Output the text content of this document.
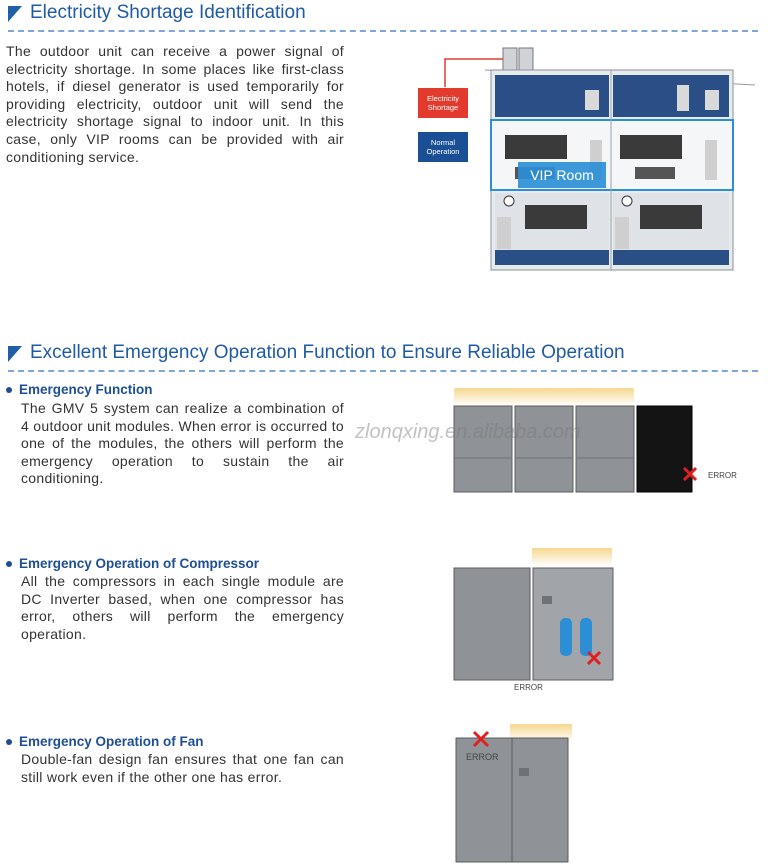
Electricity Shortage Identification
The outdoor unit can receive a power signal of electricity shortage. In some places like first-class hotels, if diesel generator is used temporarily for providing electricity, outdoor unit will send the electricity shortage signal to indoor unit. In this case, only VIP rooms can be provided with air conditioning service.
VIP Room
Electricity Shortage
Normal Operation
Excellent Emergency Operation Function to Ensure Reliable Operation
Emergency Function
The GMV 5 system can realize a combination of 4 outdoor unit modules. When error is occurred to one of the modules, the others will perform the emergency operation to sustain the air conditioning.	ERROR
zlonqxing.en.alibaba.com
Emergency Operation of Compressor
All the compressors in each single module are DC Inverter based, when one compressor has error, others will perform the emergency operation.
ERROR
Emergency Operation of Fan
Double-fan design fan ensures that one fan can still work even if the other one has error.
ERROR
